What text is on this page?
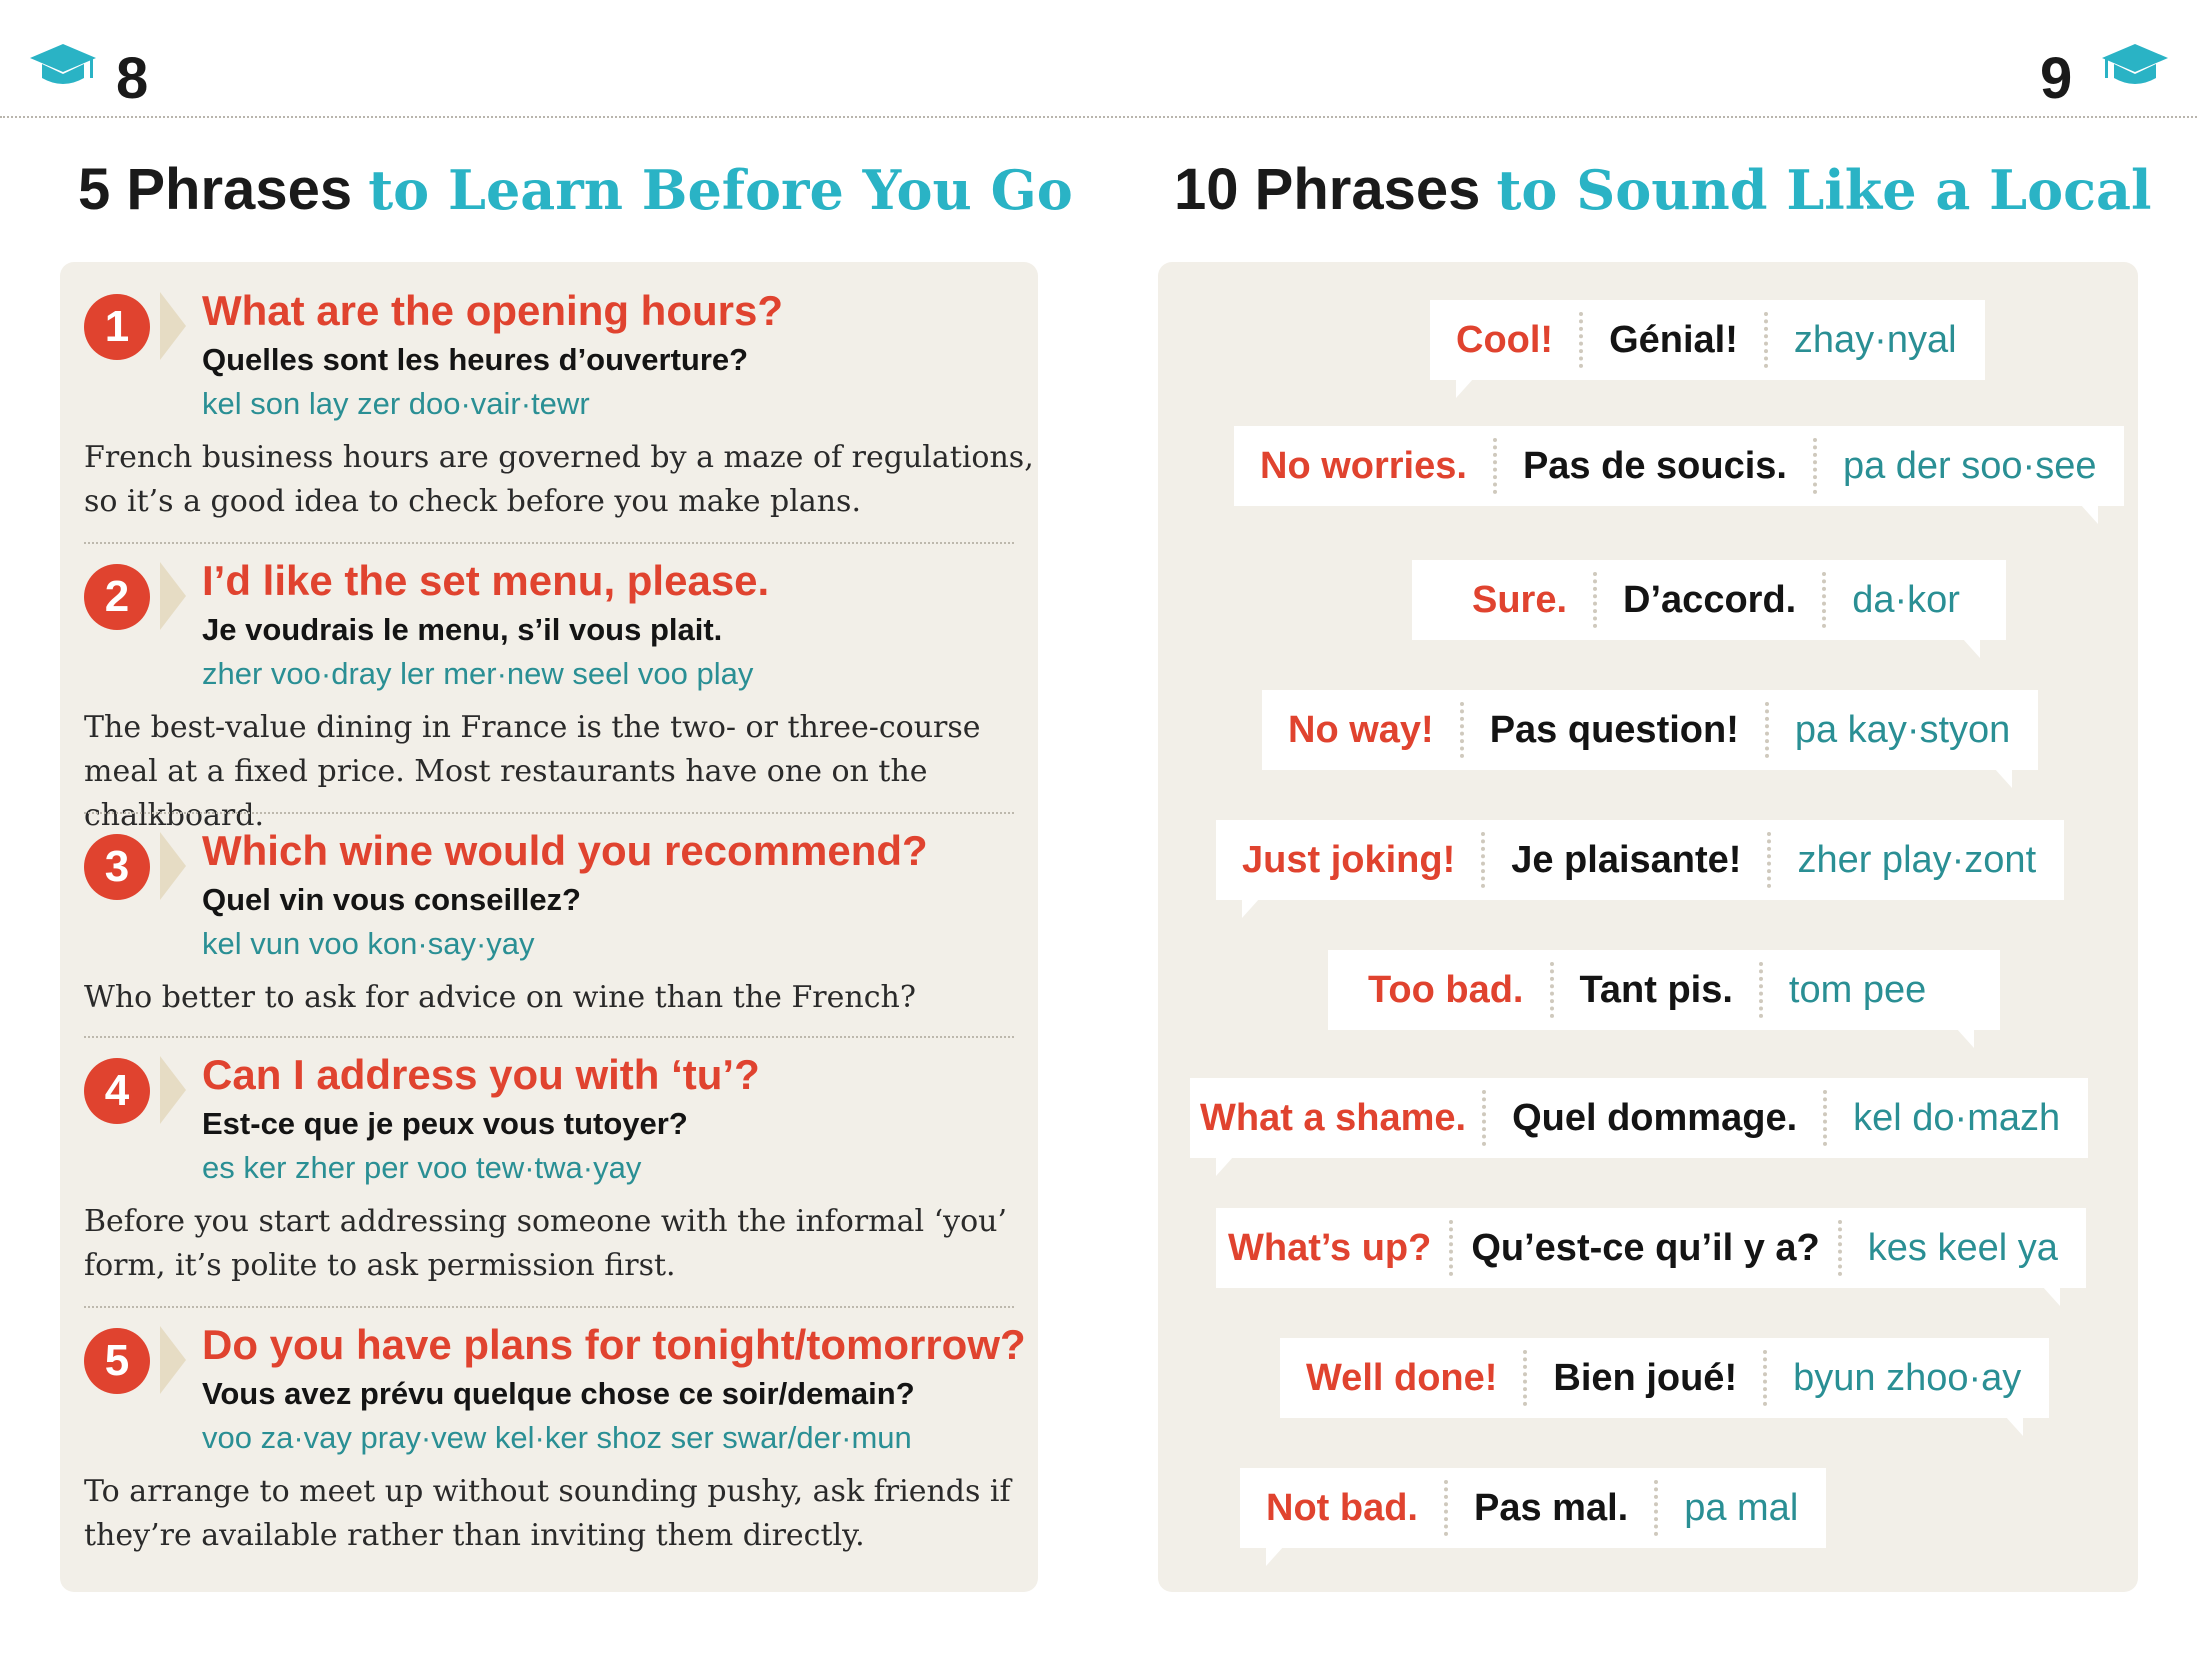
8	9
5 Phrases to Learn Before You Go 10 Phrases to Sound Like a Local
1	What are the opening hours?
Quelles sont les heures d’ouverture?
kel son lay zer doo·vair·tewr
French business hours are governed by a maze of regulations, so it’s a good idea to check before you make plans.
2	I’d like the set menu, please.
Je voudrais le menu, s’il vous plait.
zher voo·dray ler mer·new seel voo play
The best-value dining in France is the two- or three-course meal at a fixed price. Most restaurants have one on the chalkboard.
3	Which wine would you recommend?
Quel vin vous conseillez?
kel vun voo kon·say·yay
Who better to ask for advice on wine than the French?
4	Can I address you with ‘tu’?
Est-ce que je peux vous tutoyer?
es ker zher per voo tew·twa·yay
Before you start addressing someone with the informal ‘you’ form, it’s polite to ask permission first.
5	Do you have plans for tonight/tomorrow?
Vous avez prévu quelque chose ce soir/demain?
voo za·vay pray·vew kel·ker shoz ser swar/der·mun
To arrange to meet up without sounding pushy, ask friends if they’re available rather than inviting them directly.
Cool!	Génial!	zhay·nyal
No worries.	Pas de soucis.	pa der soo·see
Sure.	D’accord.	da·kor
No way!	Pas question!	pa kay·styon
Just joking!	Je plaisante!	zher play·zont
Too bad.	Tant pis.	tom pee
What a shame.	Quel dommage.	kel do·mazh
What’s up?	Qu’est-ce qu’il y a?	kes keel ya
Well done!	Bien joué!	byun zhoo·ay
Not bad.	Pas mal.	pa mal
